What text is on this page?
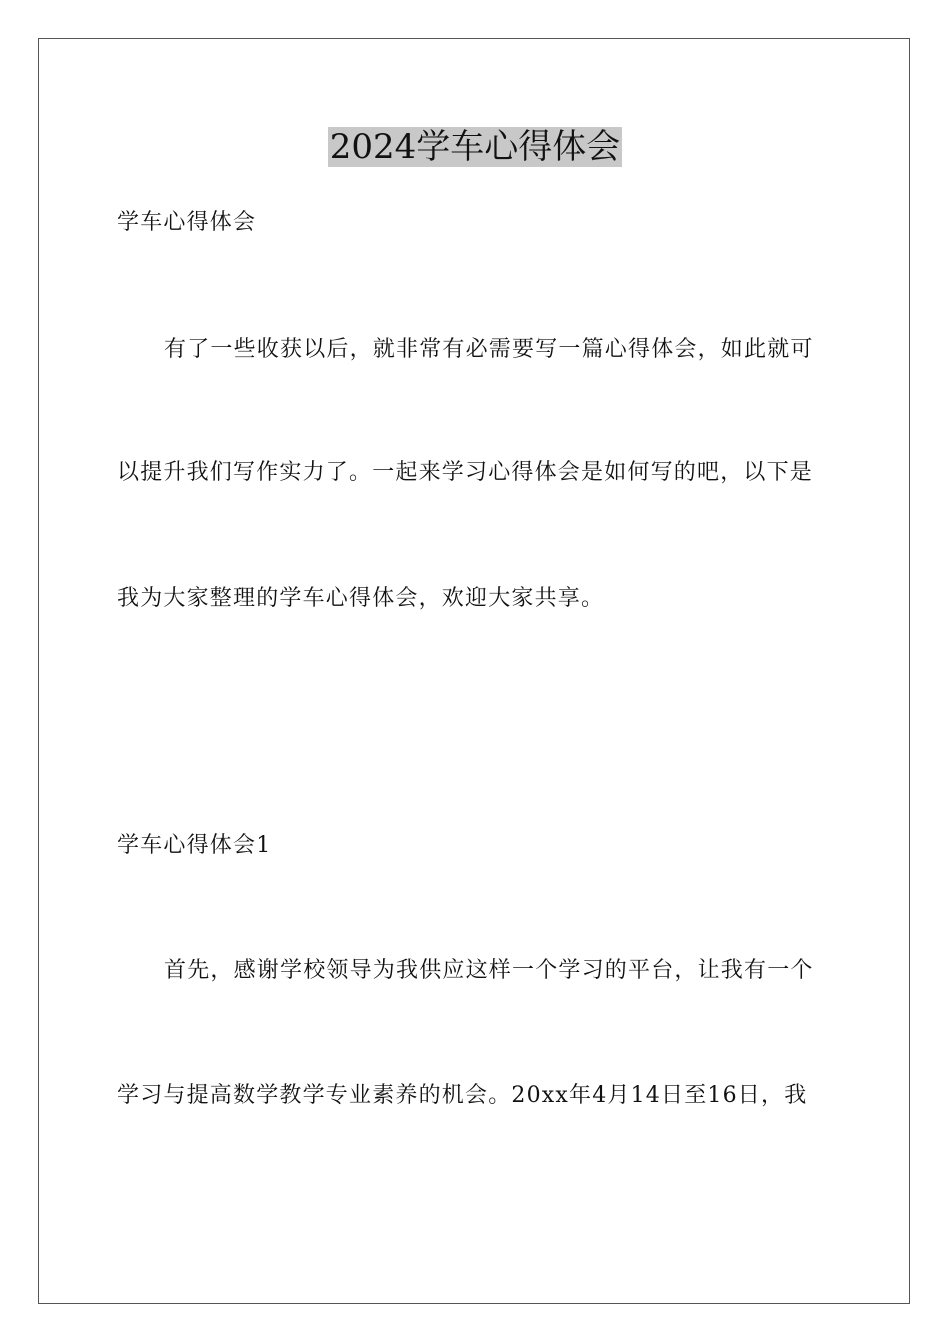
2024学车心得体会

学车心得体会

有了一些收获以后，就非常有必需要写一篇心得体会，如此就可

以提升我们写作实力了。一起来学习心得体会是如何写的吧，以下是

我为大家整理的学车心得体会，欢迎大家共享。

学车心得体会1

首先，感谢学校领导为我供应这样一个学习的平台，让我有一个

学习与提高数学教学专业素养的机会。20xx年4月14日至16日，我
